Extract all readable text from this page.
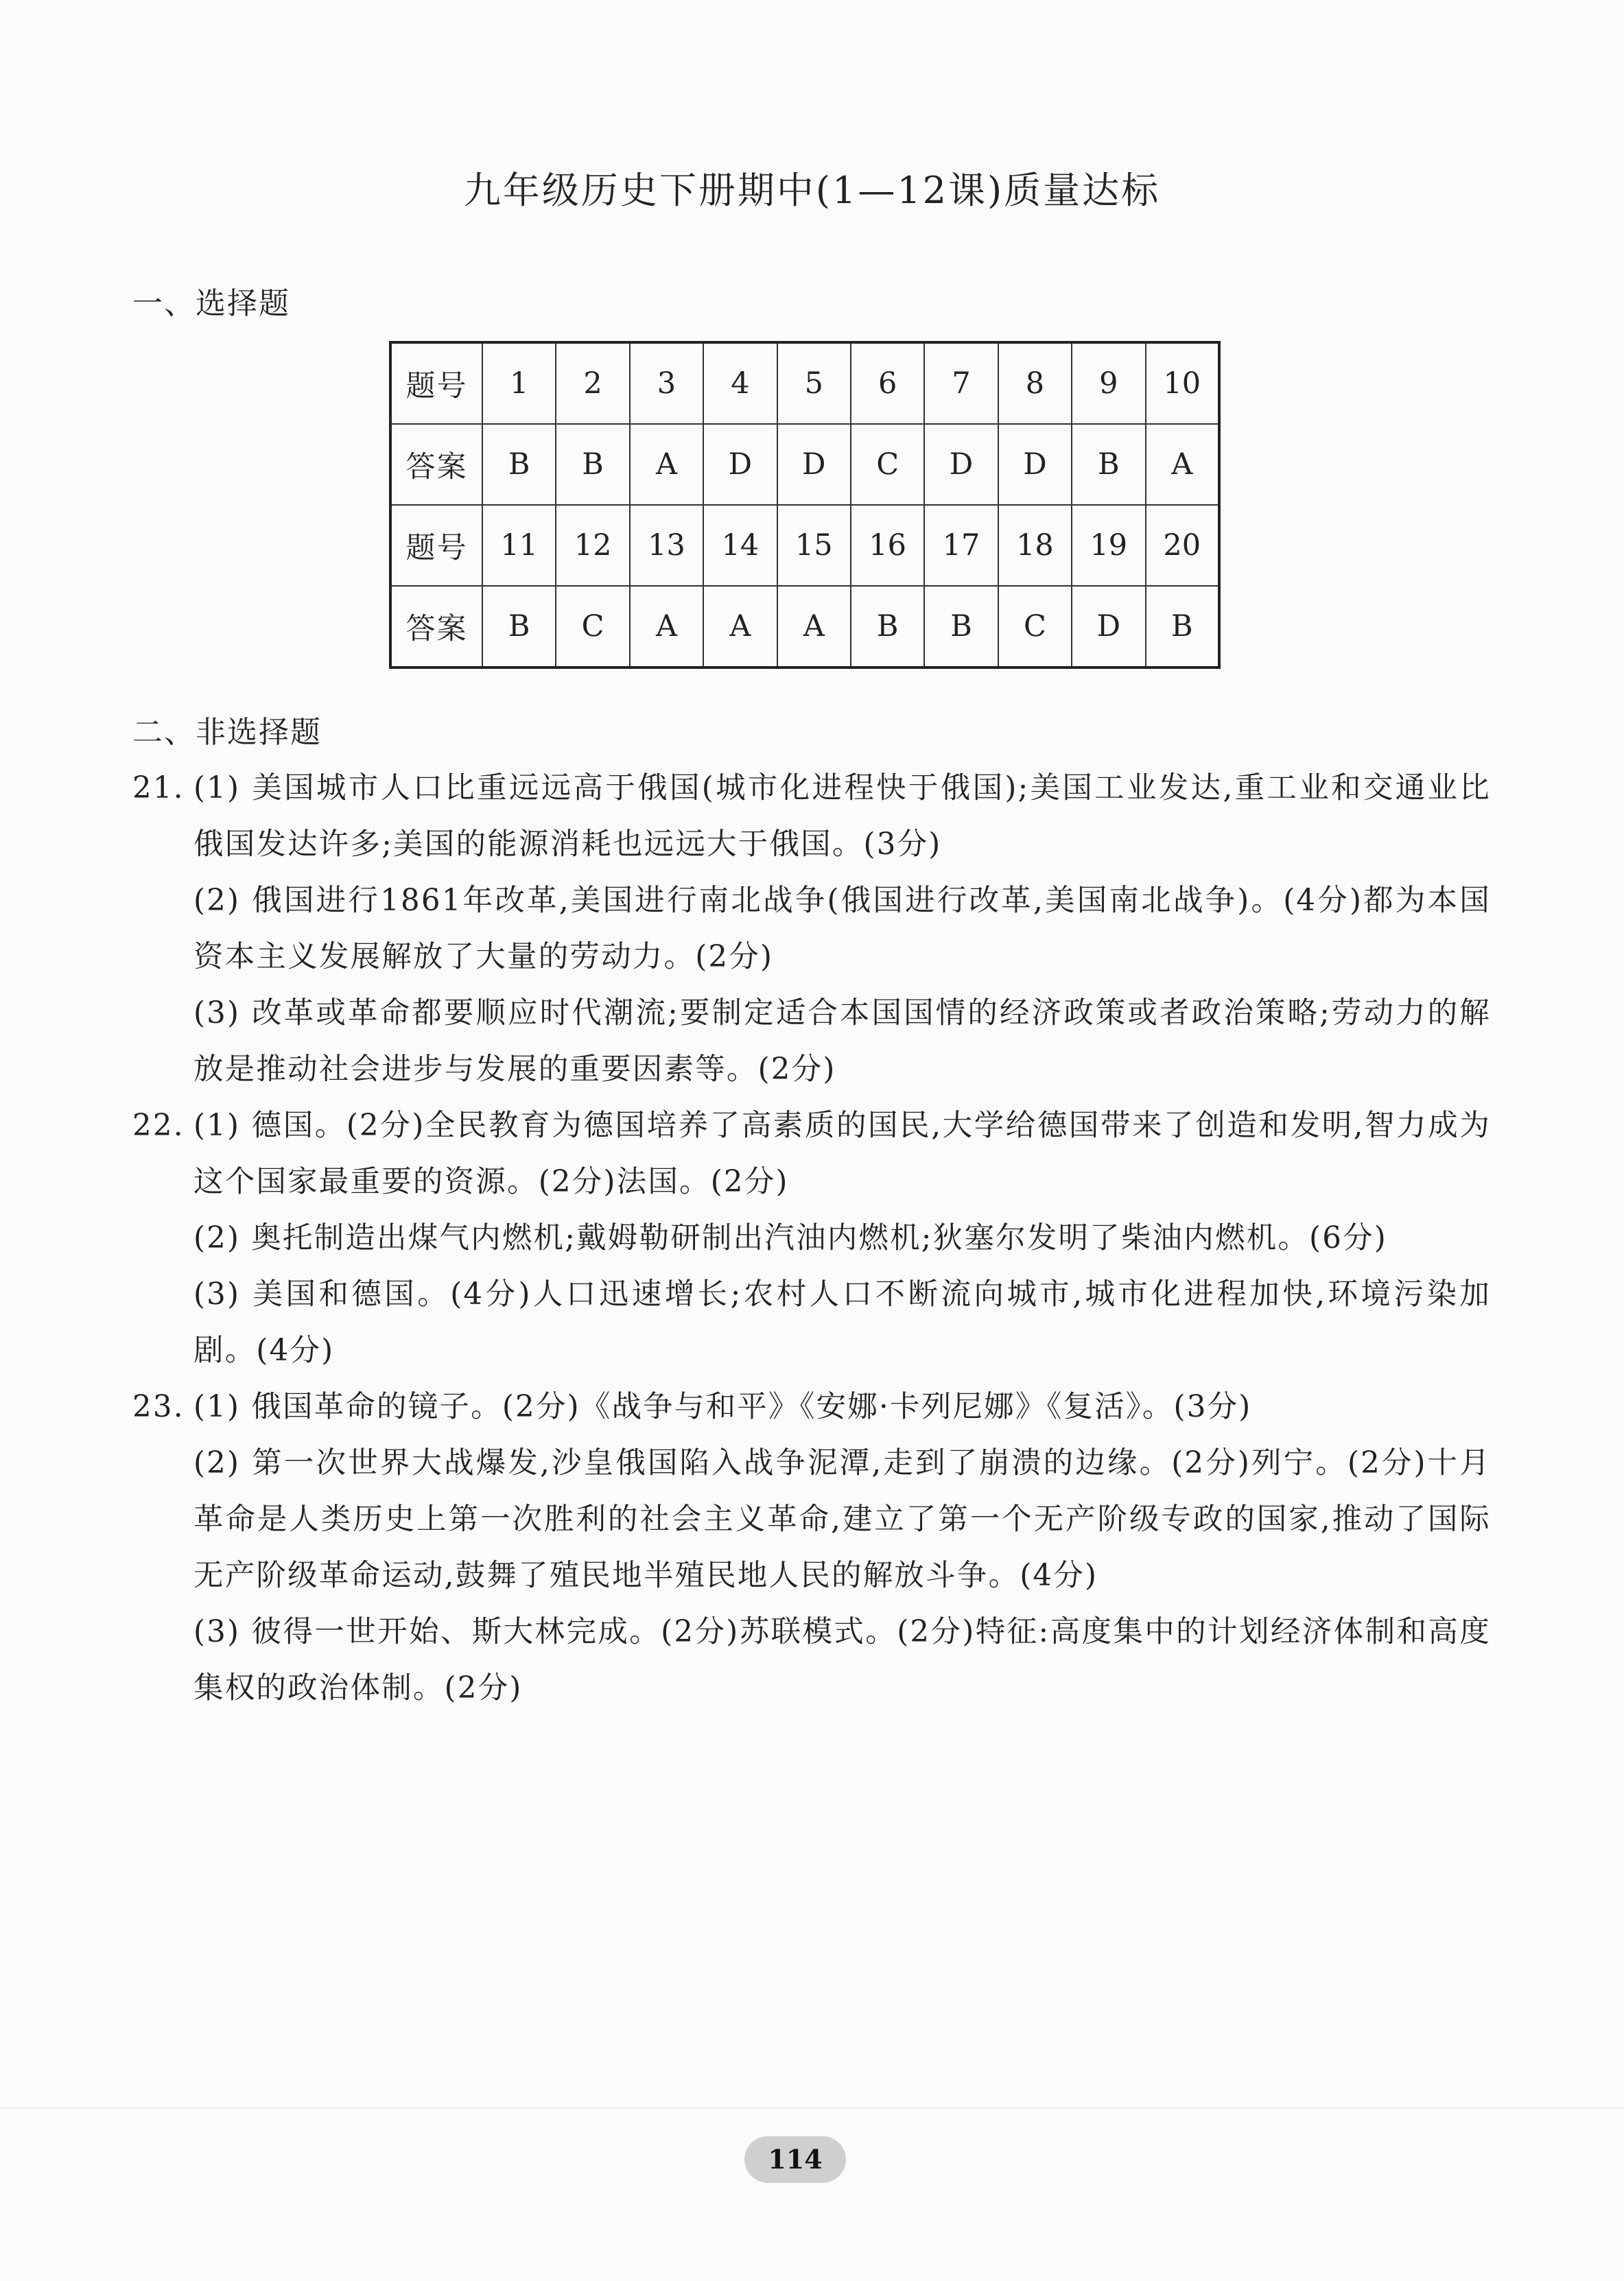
九年级历史下册期中(1—12课)质量达标
一、选择题
题号	1	2	3	4	5	6	7	8	9	10
答案	B	B	A	D	D	C	D	D	B	A
题号	11	12	13	14	15	16	17	18	19	20
答案	B	C	A	A	A	B	B	C	D	B
二、非选择题
21. (1) 美国城市人口比重远远高于俄国(城市化进程快于俄国);美国工业发达,重工业和交通业比俄国发达许多;美国的能源消耗也远远大于俄国。(3分)
(2) 俄国进行1861年改革,美国进行南北战争(俄国进行改革,美国南北战争)。(4分)都为本国资本主义发展解放了大量的劳动力。(2分)
(3) 改革或革命都要顺应时代潮流;要制定适合本国国情的经济政策或者政治策略;劳动力的解放是推动社会进步与发展的重要因素等。(2分)
22. (1) 德国。(2分)全民教育为德国培养了高素质的国民,大学给德国带来了创造和发明,智力成为这个国家最重要的资源。(2分)法国。(2分)
(2) 奥托制造出煤气内燃机;戴姆勒研制出汽油内燃机;狄塞尔发明了柴油内燃机。(6分)
(3) 美国和德国。(4分)人口迅速增长;农村人口不断流向城市,城市化进程加快,环境污染加剧。(4分)
23. (1) 俄国革命的镜子。(2分)《战争与和平》《安娜·卡列尼娜》《复活》。(3分)
(2) 第一次世界大战爆发,沙皇俄国陷入战争泥潭,走到了崩溃的边缘。(2分)列宁。(2分)十月革命是人类历史上第一次胜利的社会主义革命,建立了第一个无产阶级专政的国家,推动了国际无产阶级革命运动,鼓舞了殖民地半殖民地人民的解放斗争。(4分)
(3) 彼得一世开始、斯大林完成。(2分)苏联模式。(2分)特征:高度集中的计划经济体制和高度集权的政治体制。(2分)
114
